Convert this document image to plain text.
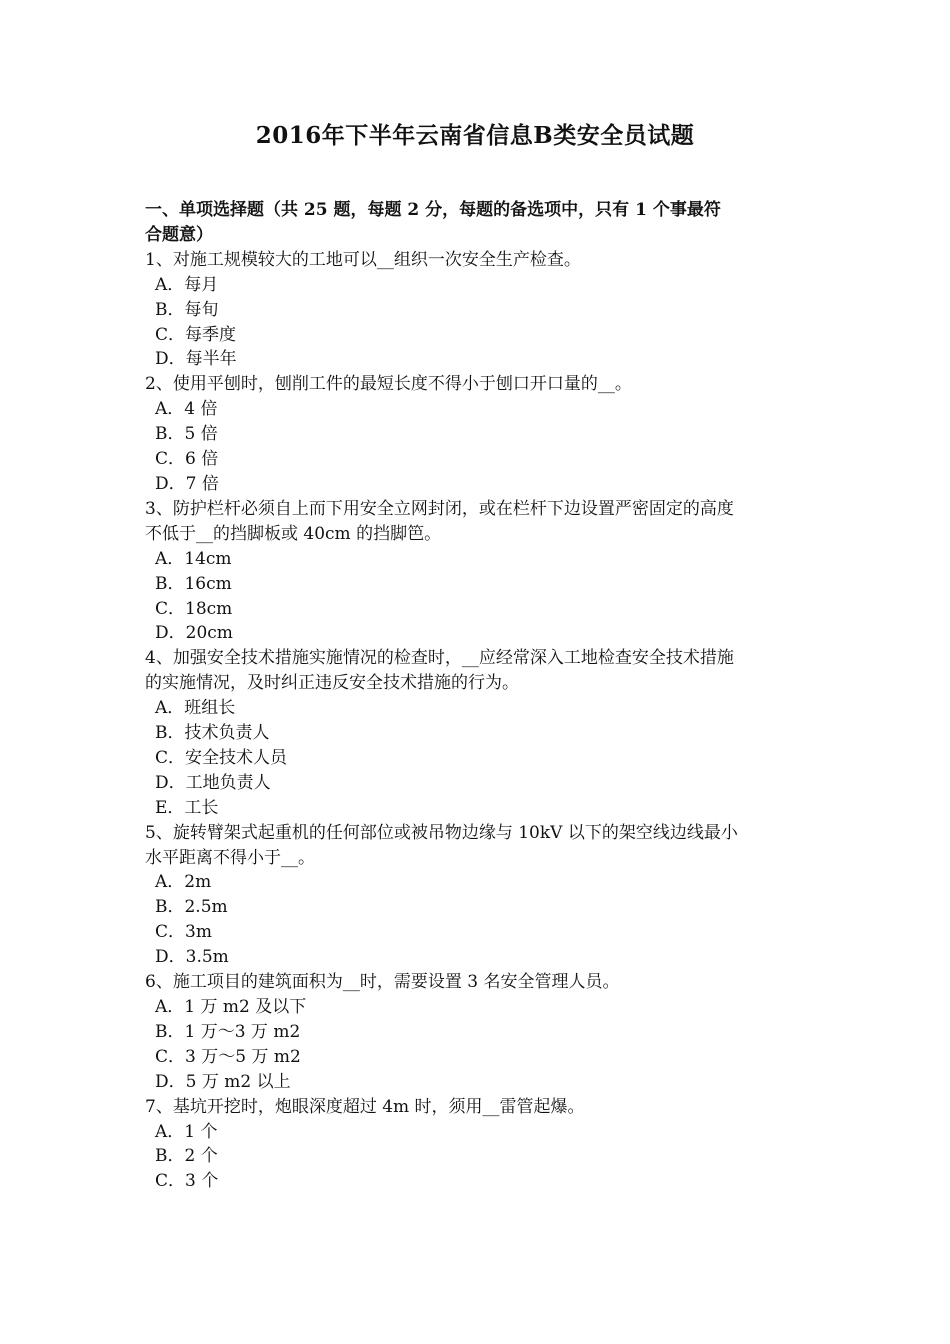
2016年下半年云南省信息B类安全员试题

一、单项选择题（共 25 题，每题 2 分，每题的备选项中，只有 1 个事最符

合题意）

1、对施工规模较大的工地可以__组织一次安全生产检查。

A．每月

B．每旬

C．每季度

D．每半年

2、使用平刨时，刨削工件的最短长度不得小于刨口开口量的__。

A．4 倍

B．5 倍

C．6 倍

D．7 倍

3、防护栏杆必须自上而下用安全立网封闭，或在栏杆下边设置严密固定的高度

不低于__的挡脚板或 40cm 的挡脚笆。

A．14cm

B．16cm

C．18cm

D．20cm

4、加强安全技术措施实施情况的检查时，__应经常深入工地检查安全技术措施

的实施情况，及时纠正违反安全技术措施的行为。

A．班组长

B．技术负责人

C．安全技术人员

D．工地负责人

E．工长

5、旋转臂架式起重机的任何部位或被吊物边缘与 10kV 以下的架空线边线最小

水平距离不得小于__。

A．2m

B．2.5m

C．3m

D．3.5m

6、施工项目的建筑面积为__时，需要设置 3 名安全管理人员。

A．1 万 m2 及以下

B．1 万～3 万 m2

C．3 万～5 万 m2

D．5 万 m2 以上

7、基坑开挖时，炮眼深度超过 4m 时，须用__雷管起爆。

A．1 个

B．2 个

C．3 个
